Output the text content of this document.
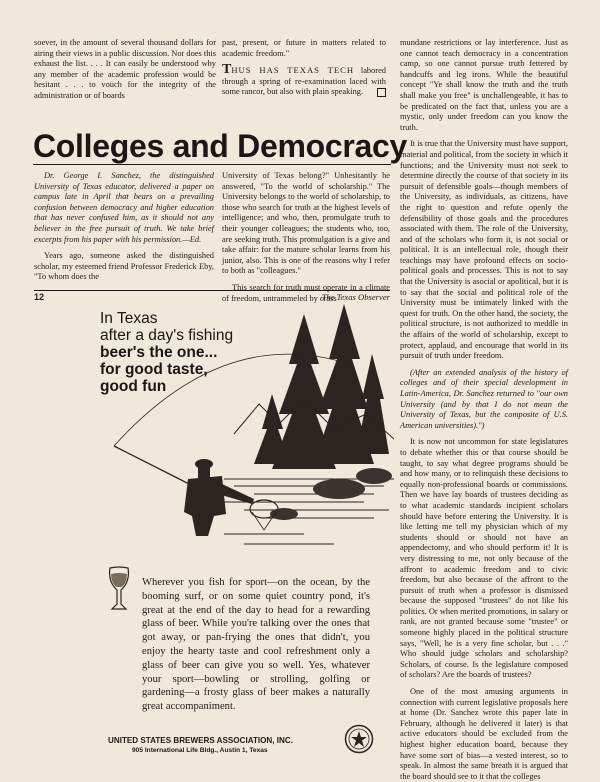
soever, in the amount of several thousand dollars for airing their views in a public discussion. Nor does this exhaust the list. . . . It can easily be understood why any member of the academic profession would be hesitant . . . to vouch for the integrity of the administration or of boards

past, present, or future in matters related to academic freedom."

THUS HAS TEXAS TECH labored through a spring of re-examination laced with some rancor, but also with plain speaking.

Colleges and Democracy

Dr. George I. Sanchez, the distinguished University of Texas educator, delivered a paper on campus late in April that bears on a prevailing confusion between democracy and higher education that has never confused him, as it should not any believer in the free pursuit of truth. We take brief excerpts from his paper with his permission.—Ed.

Years ago, someone asked the distinguished scholar, my esteemed friend Professor Frederick Eby, "To whom does the

University of Texas belong?" Unhesitantly he answered, "To the world of scholarship." The University belongs to the world of scholarship, to those who search for truth at the highest levels of intelligence; and who, then, promulgate truth to their younger colleagues; the students who, too, are seeking truth. This promulgation is a give and take affair: for the mature scholar learns from his junior, also. This is one of the reasons why I refer to both as "colleagues."

This search for truth must operate in a climate of freedom, untrammeled by crass

12	The Texas Observer

mundane restrictions or lay interference. Just as one cannot teach democracy in a concentration camp, so one cannot pursue truth fettered by handcuffs and leg irons. While the beautiful concept "Ye shall know the truth and the truth shall make you free" is unchallengeable, it has to be predicated on the fact that, unless you are a mystic, only under freedom can you know the truth.

It is true that the University must have support, material and political, from the society in which it functions; and the University must not seek to determine directly the course of that society in its pursuit of defensible goals—though members of the University, as individuals, as citizens, have the right to question and refute openly the defensibility of those goals and the procedures associated with them. The role of the University, and of the scholars who form it, is not social or political. It is an intellectual role, though their teachings may have profound effects on socio-political goals and processes. This is not to say that the University is asocial or apolitical, but it is to say that the social and political role of the University must be intimately linked with the quest for truth. On the other hand, the society, the political structure, is not authorized to meddle in the affairs of the world of scholarship, except to protect, applaud, and encourage that world in its pursuit of truth under freedom.

(After an extended analysis of the history of colleges and of their special development in Latin-America, Dr. Sanchez returned to "our own University (and by that I do not mean the University of Texas, but the composite of U.S. American universities).")

It is now not uncommon for state legislatures to debate whether this or that course should be taught, to say what degree programs should be and how many, or to relinquish these decisions to equally non-professional boards or commissions. Then we have lay boards of trustees deciding as to what academic standards incipient scholars should have before entering the University. It is like letting me tell my physician which of my students should or should not have an appendectomy, and who should perform it! It is very distressing to me, not only because of the affront to academic freedom and to civic freedom, but also because of the affront to the pursuit of truth when a professor is dismissed because the supposed "trustees" do not like his politics. Or when merited promotions, in salary or rank, are not granted because some "trustee" or someone highly placed in the political structure says, "Well, he is a very fine scholar, but . . ." Who should judge scholars and scholarship? Scholars, of course. Is the legislature composed of scholars? Are the boards of trustees?

One of the most amusing arguments in connection with current legislative proposals here at home (Dr. Sanchez wrote this paper late in February, although he delivered it later) is that active educators should be excluded from the highest higher education board, because they have some sort of bias—a vested interest, so to speak. In almost the same breath it is argued that the board should see to it that the colleges

In Texas
after a day's fishing
beer's the one...
for good taste,
good fun

Wherever you fish for sport—on the ocean, by the booming surf, or on some quiet country pond, it's great at the end of the day to head for a rewarding glass of beer. While you're talking over the ones that got away, or pan-frying the ones that didn't, you enjoy the hearty taste and cool refreshment only a glass of beer can give you so well. Yes, whatever your sport—bowling or strolling, golfing or gardening—a frosty glass of beer makes a naturally great accompaniment.

UNITED STATES BREWERS ASSOCIATION, INC.
905 International Life Bldg., Austin 1, Texas
